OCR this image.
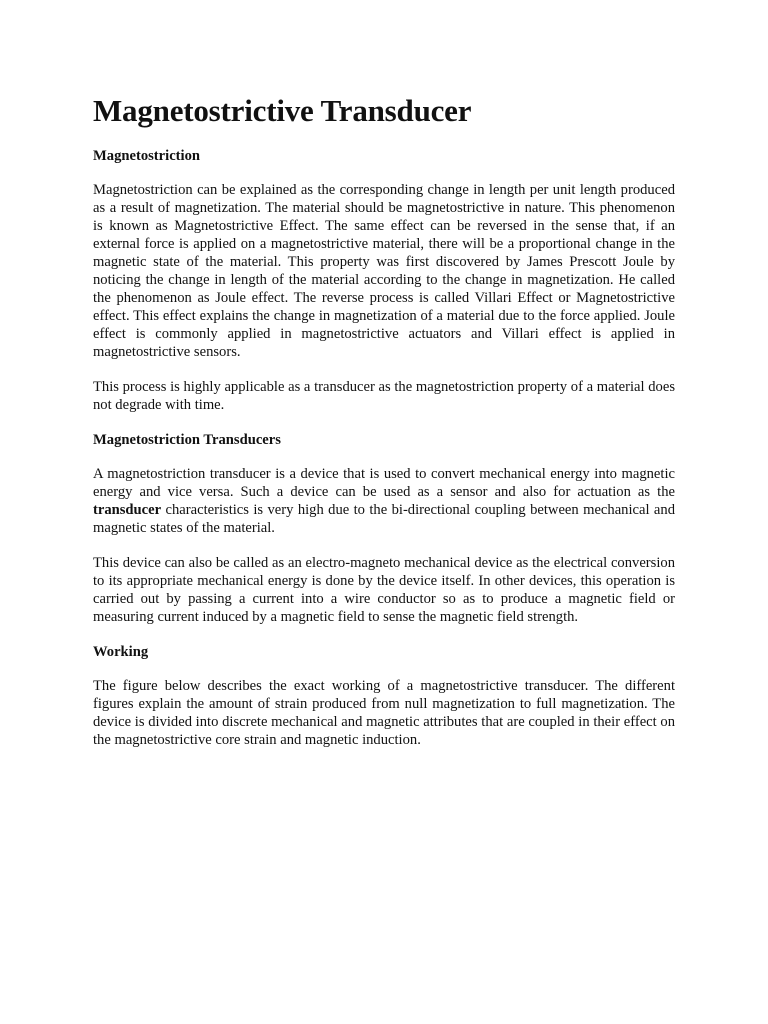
Magnetostrictive Transducer
Magnetostriction

Magnetostriction can be explained as the corresponding change in length per unit length produced as a result of magnetization. The material should be magnetostrictive in nature. This phenomenon is known as Magnetostrictive Effect. The same effect can be reversed in the sense that, if an external force is applied on a magnetostrictive material, there will be a proportional change in the magnetic state of the material. This property was first discovered by James Prescott Joule by noticing the change in length of the material according to the change in magnetization. He called the phenomenon as Joule effect. The reverse process is called Villari Effect or Magnetostrictive effect. This effect explains the change in magnetization of a material due to the force applied. Joule effect is commonly applied in magnetostrictive actuators and Villari effect is applied in magnetostrictive sensors.

This process is highly applicable as a transducer as the magnetostriction property of a material does not degrade with time.

Magnetostriction Transducers

A magnetostriction transducer is a device that is used to convert mechanical energy into magnetic energy and vice versa. Such a device can be used as a sensor and also for actuation as the transducer characteristics is very high due to the bi-directional coupling between mechanical and magnetic states of the material.

This device can also be called as an electro-magneto mechanical device as the electrical conversion to its appropriate mechanical energy is done by the device itself. In other devices, this operation is carried out by passing a current into a wire conductor so as to produce a magnetic field or measuring current induced by a magnetic field to sense the magnetic field strength.

Working

The figure below describes the exact working of a magnetostrictive transducer. The different figures explain the amount of strain produced from null magnetization to full magnetization. The device is divided into discrete mechanical and magnetic attributes that are coupled in their effect on the magnetostrictive core strain and magnetic induction.
